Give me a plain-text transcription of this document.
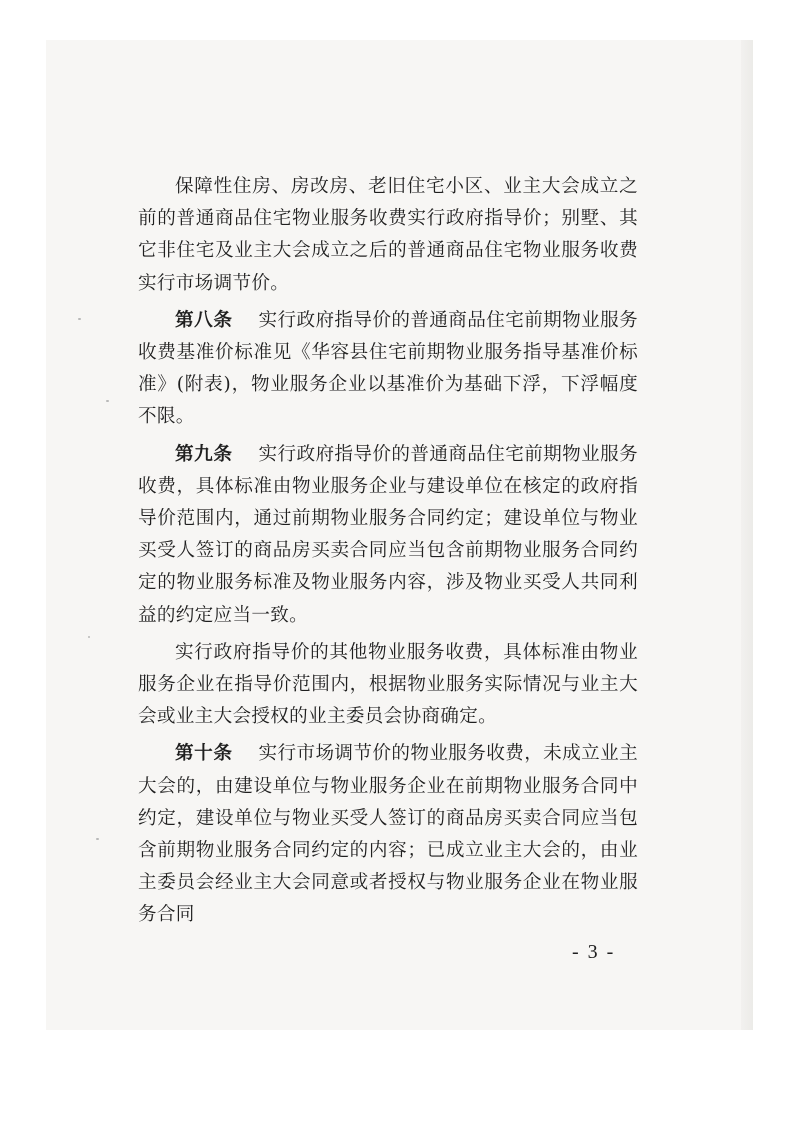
保障性住房、房改房、老旧住宅小区、业主大会成立之前的普通商品住宅物业服务收费实行政府指导价；别墅、其它非住宅及业主大会成立之后的普通商品住宅物业服务收费实行市场调节价。

第八条 实行政府指导价的普通商品住宅前期物业服务收费基准价标准见《华容县住宅前期物业服务指导基准价标准》(附表)，物业服务企业以基准价为基础下浮，下浮幅度不限。

第九条 实行政府指导价的普通商品住宅前期物业服务收费，具体标准由物业服务企业与建设单位在核定的政府指导价范围内，通过前期物业服务合同约定；建设单位与物业买受人签订的商品房买卖合同应当包含前期物业服务合同约定的物业服务标准及物业服务内容，涉及物业买受人共同利益的约定应当一致。

实行政府指导价的其他物业服务收费，具体标准由物业服务企业在指导价范围内，根据物业服务实际情况与业主大会或业主大会授权的业主委员会协商确定。

第十条 实行市场调节价的物业服务收费，未成立业主大会的，由建设单位与物业服务企业在前期物业服务合同中约定，建设单位与物业买受人签订的商品房买卖合同应当包含前期物业服务合同约定的内容；已成立业主大会的，由业主委员会经业主大会同意或者授权与物业服务企业在物业服务合同

- 3 -
